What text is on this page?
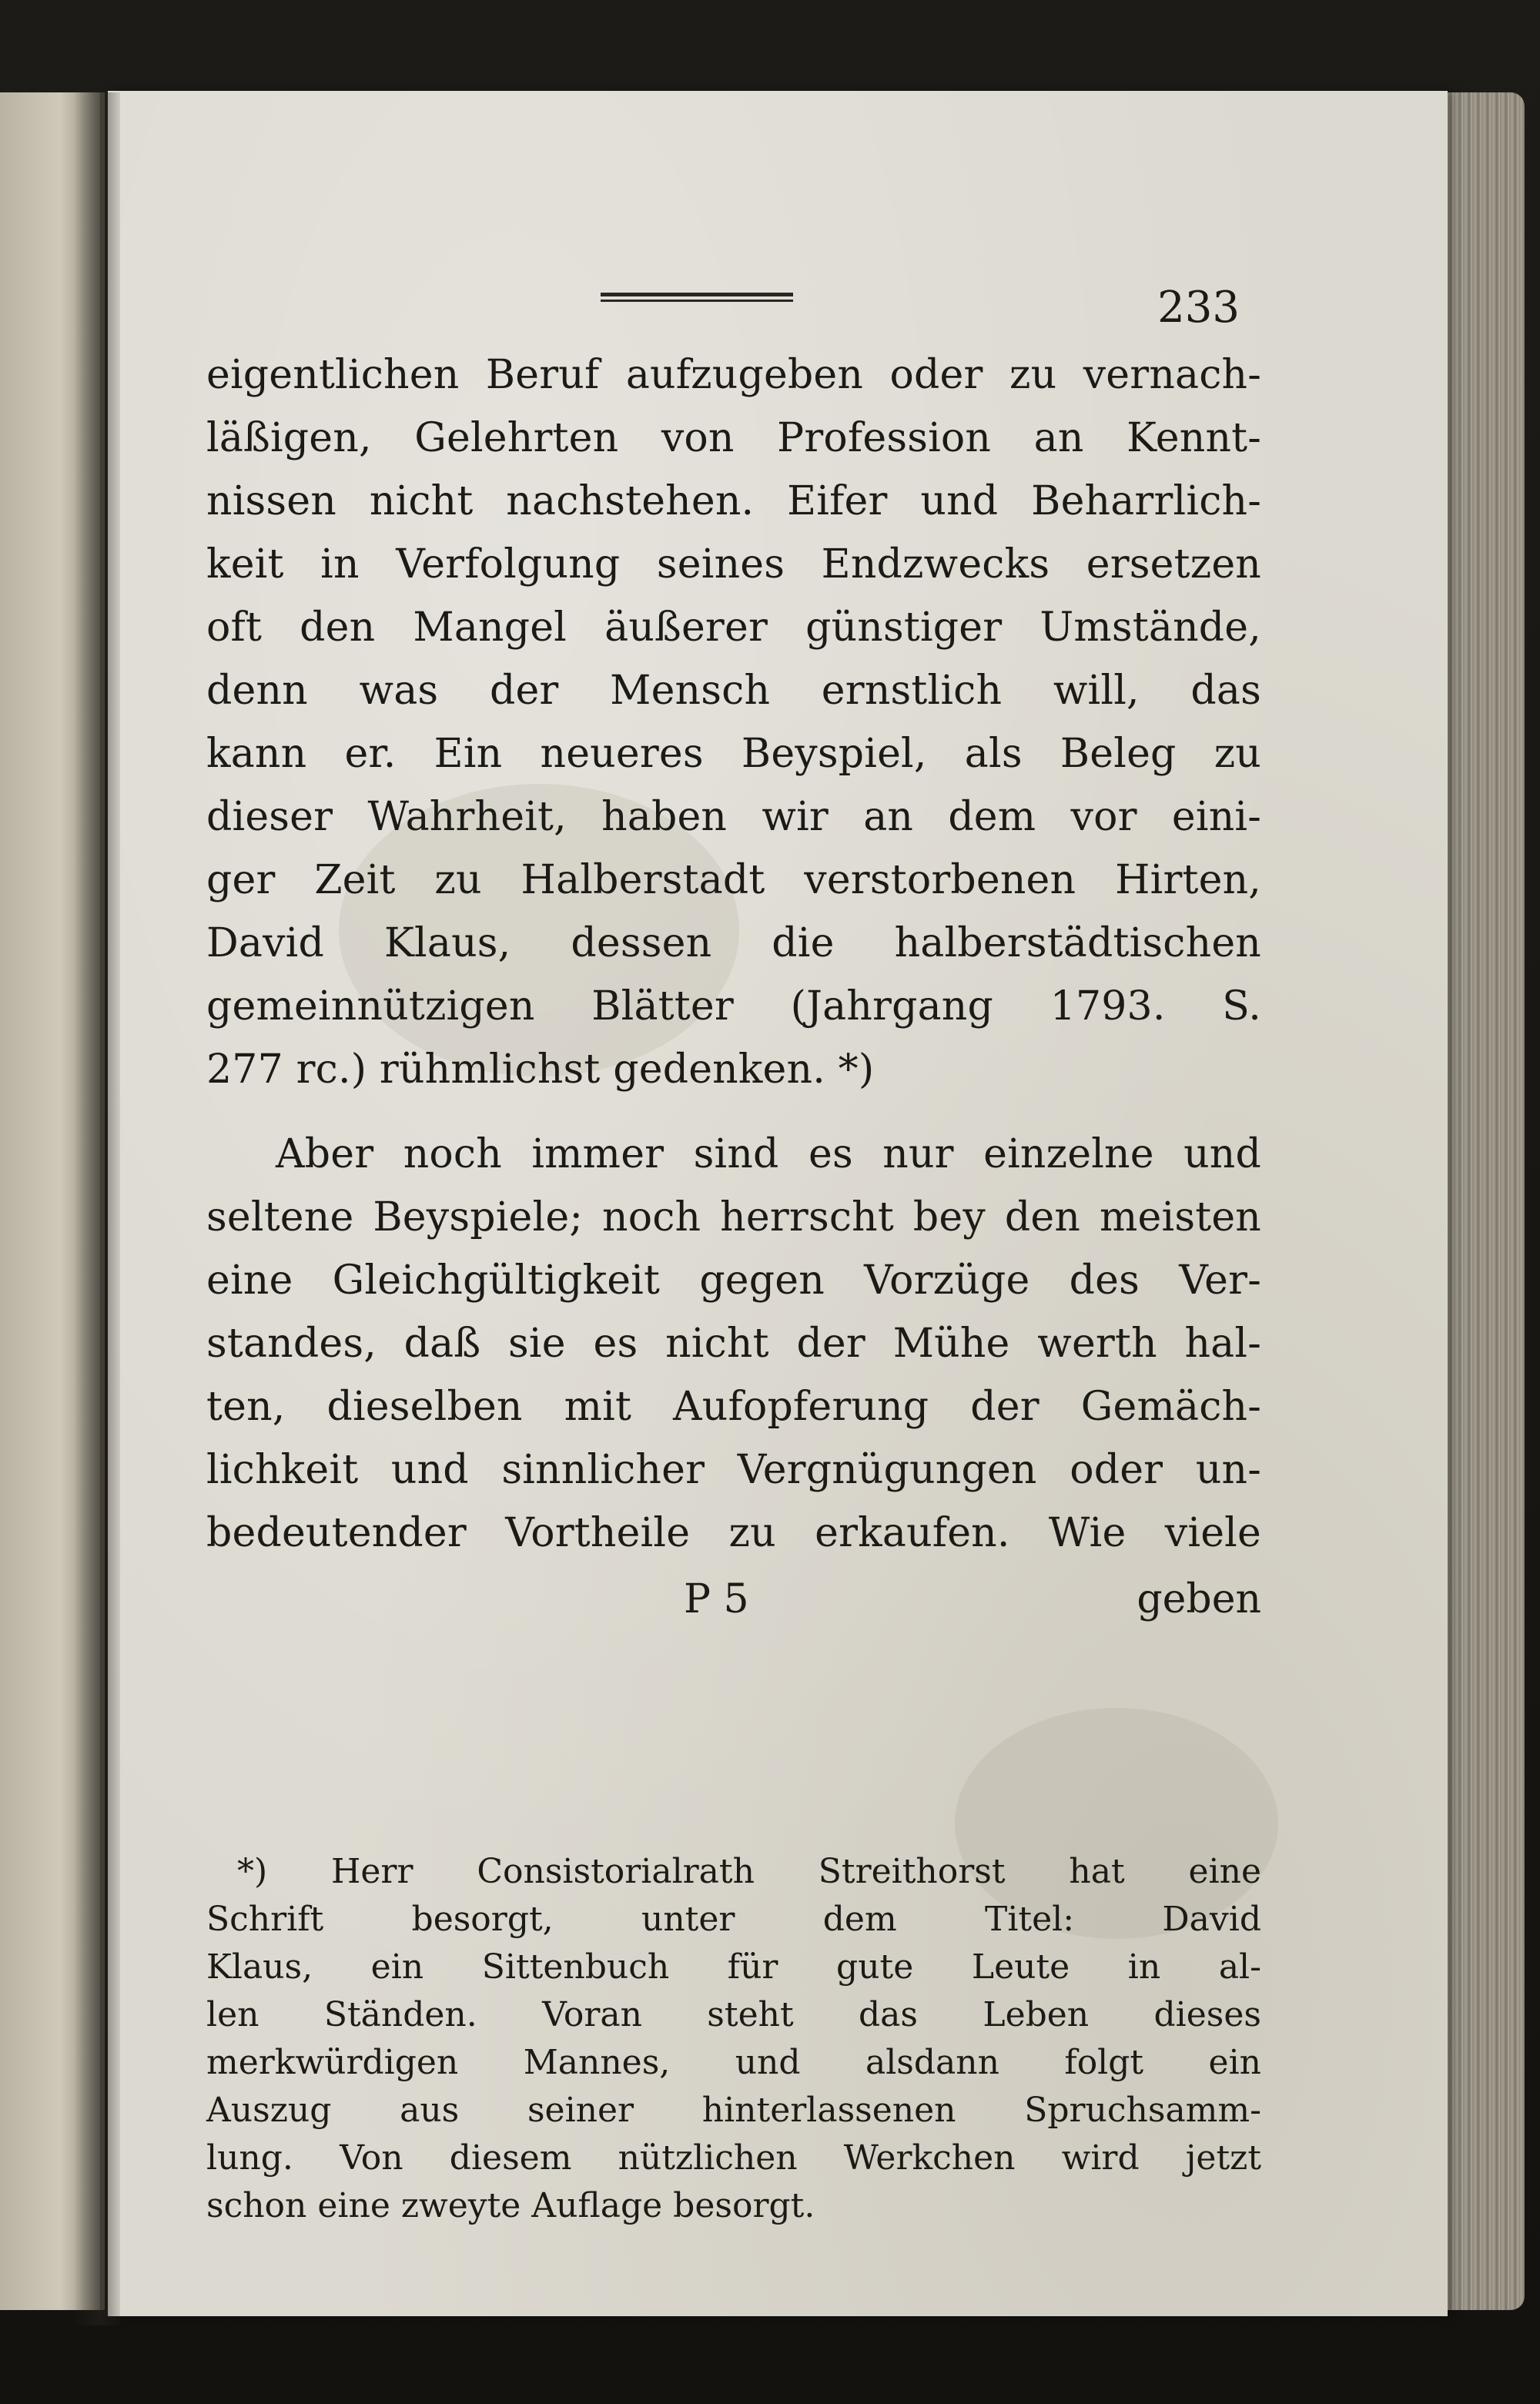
233
eigentlichen Beruf aufzugeben oder zu vernach-
läßigen, Gelehrten von Profession an Kennt-
nissen nicht nachstehen. Eifer und Beharrlich-
keit in Verfolgung seines Endzwecks ersetzen
oft den Mangel äußerer günstiger Umstände,
denn was der Mensch ernstlich will, das
kann er. Ein neueres Beyspiel, als Beleg zu
dieser Wahrheit, haben wir an dem vor eini-
ger Zeit zu Halberstadt verstorbenen Hirten,
David Klaus, dessen die halberstädtischen
gemeinnützigen Blätter (Jahrgang 1793. S.
277 rc.) rühmlichst gedenken. *)
Aber noch immer sind es nur einzelne und
seltene Beyspiele; noch herrscht bey den meisten
eine Gleichgültigkeit gegen Vorzüge des Ver-
standes, daß sie es nicht der Mühe werth hal-
ten, dieselben mit Aufopferung der Gemäch-
lichkeit und sinnlicher Vergnügungen oder un-
bedeutender Vortheile zu erkaufen. Wie viele
P 5	geben
*) Herr Consistorialrath Streithorst hat eine
Schrift besorgt, unter dem Titel: David
Klaus, ein Sittenbuch für gute Leute in al-
len Ständen. Voran steht das Leben dieses
merkwürdigen Mannes, und alsdann folgt ein
Auszug aus seiner hinterlassenen Spruchsamm-
lung. Von diesem nützlichen Werkchen wird jetzt
schon eine zweyte Auflage besorgt.
